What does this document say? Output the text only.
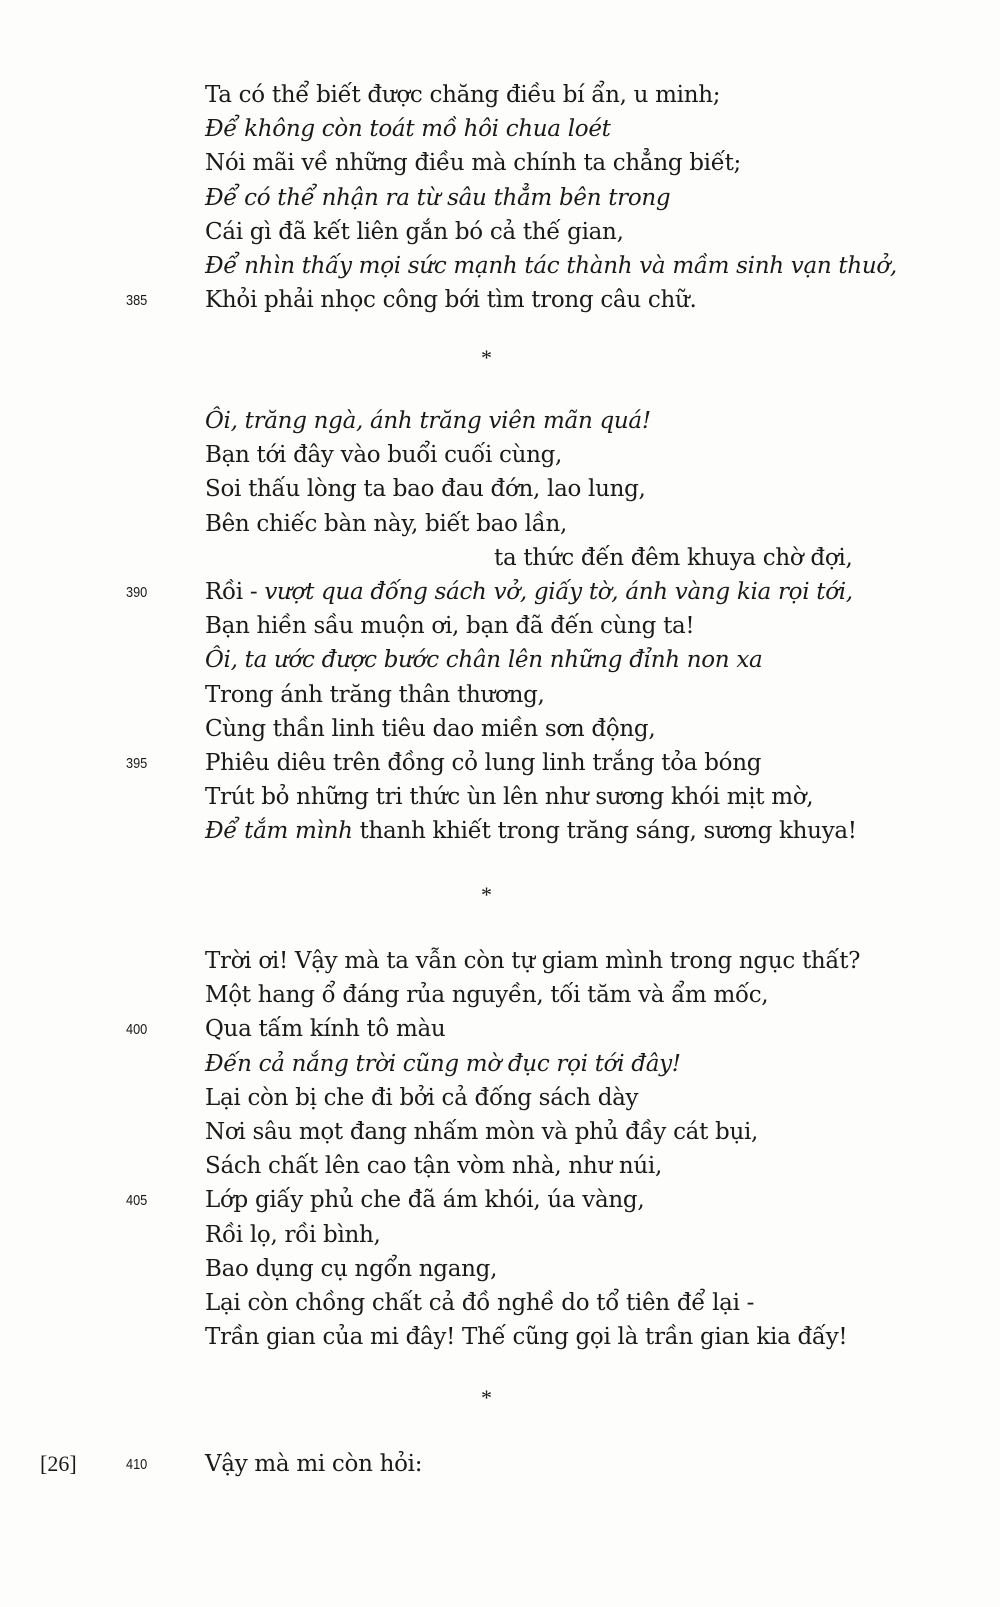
Ta có thể biết được chăng điều bí ẩn, u minh;
Để không còn toát mồ hôi chua loét
Nói mãi về những điều mà chính ta chẳng biết;
Để có thể nhận ra từ sâu thẳm bên trong
Cái gì đã kết liên gắn bó cả thế gian,
Để nhìn thấy mọi sức mạnh tác thành và mầm sinh vạn thuở,
Khỏi phải nhọc công bới tìm trong câu chữ.
385
Ôi, trăng ngà, ánh trăng viên mãn quá!
Bạn tới đây vào buổi cuối cùng,
Soi thấu lòng ta bao đau đớn, lao lung,
Bên chiếc bàn này, biết bao lần,
ta thức đến đêm khuya chờ đợi,
Rồi - vượt qua đống sách vở, giấy tờ, ánh vàng kia rọi tới,
390
Bạn hiền sầu muộn ơi, bạn đã đến cùng ta!
Ôi, ta ước được bước chân lên những đỉnh non xa
Trong ánh trăng thân thương,
Cùng thần linh tiêu dao miền sơn động,
Phiêu diêu trên đồng cỏ lung linh trắng tỏa bóng
395
Trút bỏ những tri thức ùn lên như sương khói mịt mờ,
Để tắm mình thanh khiết trong trăng sáng, sương khuya!
Trời ơi! Vậy mà ta vẫn còn tự giam mình trong ngục thất?
Một hang ổ đáng rủa nguyền, tối tăm và ẩm mốc,
Qua tấm kính tô màu
400
Đến cả nắng trời cũng mờ đục rọi tới đây!
Lại còn bị che đi bởi cả đống sách dày
Nơi sâu mọt đang nhấm mòn và phủ đầy cát bụi,
Sách chất lên cao tận vòm nhà, như núi,
Lớp giấy phủ che đã ám khói, úa vàng,
405
Rồi lọ, rồi bình,
Bao dụng cụ ngổn ngang,
Lại còn chồng chất cả đồ nghề do tổ tiên để lại -
Trần gian của mi đây! Thế cũng gọi là trần gian kia đấy!
Vậy mà mi còn hỏi:
410
*
*
*
[26]
